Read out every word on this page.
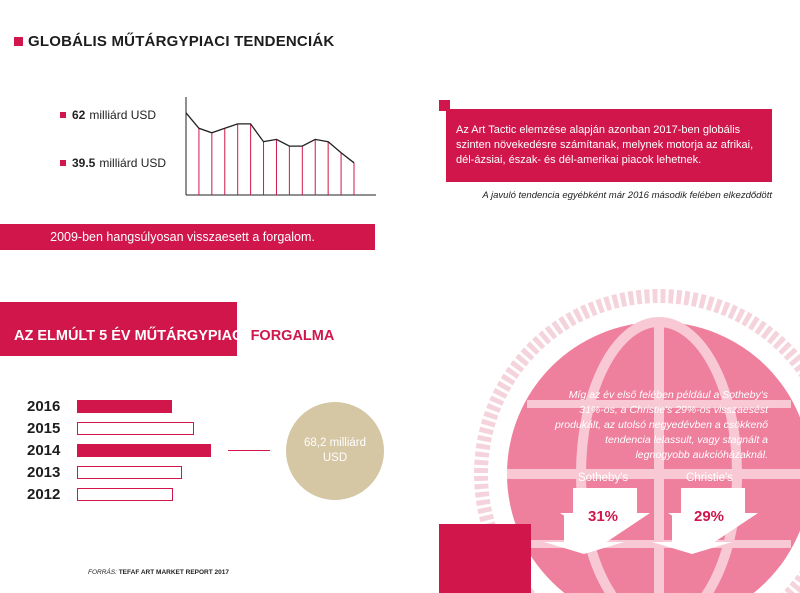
GLOBÁLIS MŰTÁRGYPIACI TENDENCIÁK
62 milliárd USD
39.5 milliárd USD
2009-ben hangsúlyosan visszaesett a forgalom.
AZ ELMÚLT 5 ÉV MŰTÁRGYPIACI FORGALMA
2016
2015
2014
2013
2012
68,2 milliárd
USD
FORRÁS: TEFAF ART MARKET REPORT 2017
Az Art Tactic elemzése alapján azonban 2017-ben globális szinten növekedésre számítanak, melynek motorja az afrikai, dél-ázsiai, észak- és dél-amerikai piacok lehetnek.
A javuló tendencia egyébként már 2016 második felében elkezdődött
Míg az év első felében például a Sotheby's 31%-os, a Christie's 29%-os visszaesést produkált, az utolsó negyedévben a csökkenő tendencia lelassult, vagy stagnált a legnogyobb aukcióházaknál.
Sotheby's	Christie's
31%	29%
